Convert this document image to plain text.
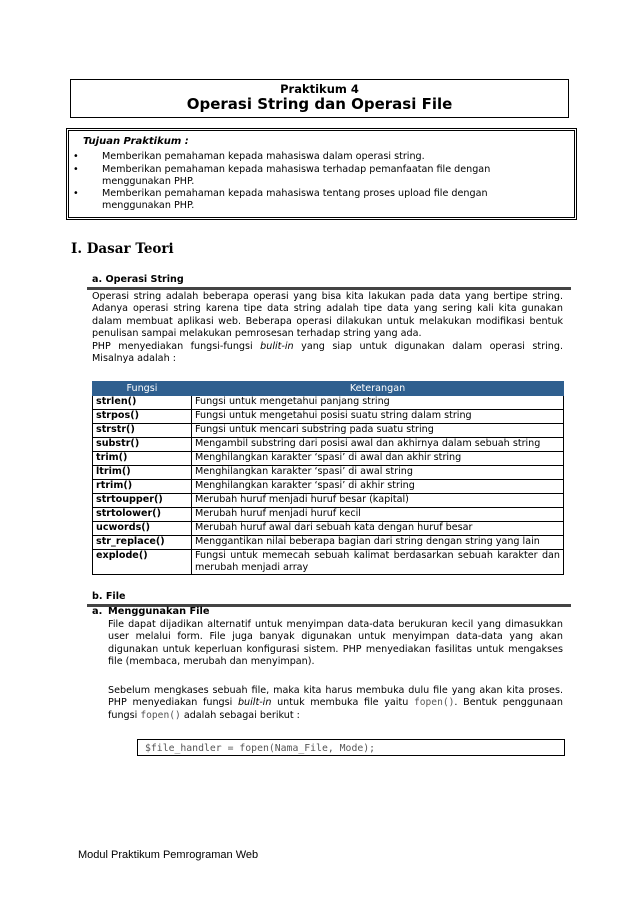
Praktikum 4
Operasi String dan Operasi File
Tujuan Praktikum :
• Memberikan pemahaman kepada mahasiswa dalam operasi string.
• Memberikan pemahaman kepada mahasiswa terhadap pemanfaatan file dengan menggunakan PHP.
• Memberikan pemahaman kepada mahasiswa tentang proses upload file dengan menggunakan PHP.
I. Dasar Teori
a. Operasi String

Operasi string adalah beberapa operasi yang bisa kita lakukan pada data yang bertipe string. Adanya operasi string karena tipe data string adalah tipe data yang sering kali kita gunakan dalam membuat aplikasi web. Beberapa operasi dilakukan untuk melakukan modifikasi bentuk penulisan sampai melakukan pemrosesan terhadap string yang ada.

PHP menyediakan fungsi-fungsi bulit-in yang siap untuk digunakan dalam operasi string. Misalnya adalah :

Fungsi	Keterangan
strlen()	Fungsi untuk mengetahui panjang string
strpos()	Fungsi untuk mengetahui posisi suatu string dalam string
strstr()	Fungsi untuk mencari substring pada suatu string
substr()	Mengambil substring dari posisi awal dan akhirnya dalam sebuah string
trim()	Menghilangkan karakter ‘spasi’ di awal dan akhir string
ltrim()	Menghilangkan karakter ‘spasi’ di awal string
rtrim()	Menghilangkan karakter ‘spasi’ di akhir string
strtoupper()	Merubah huruf menjadi huruf besar (kapital)
strtolower()	Merubah huruf menjadi huruf kecil
ucwords()	Merubah huruf awal dari sebuah kata dengan huruf besar
str_replace()	Menggantikan nilai beberapa bagian dari string dengan string yang lain
explode()	Fungsi untuk memecah sebuah kalimat berdasarkan sebuah karakter dan merubah menjadi array
b. File
a. Menggunakan File
File dapat dijadikan alternatif untuk menyimpan data-data berukuran kecil yang dimasukkan user melalui form. File juga banyak digunakan untuk menyimpan data-data yang akan digunakan untuk keperluan konfigurasi sistem. PHP menyediakan fasilitas untuk mengakses file (membaca, merubah dan menyimpan).
Sebelum mengkases sebuah file, maka kita harus membuka dulu file yang akan kita proses. PHP menyediakan fungsi built-in untuk membuka file yaitu fopen(). Bentuk penggunaan fungsi fopen() adalah sebagai berikut :
$file_handler = fopen(Nama_File, Mode);
Modul Praktikum Pemrograman Web
